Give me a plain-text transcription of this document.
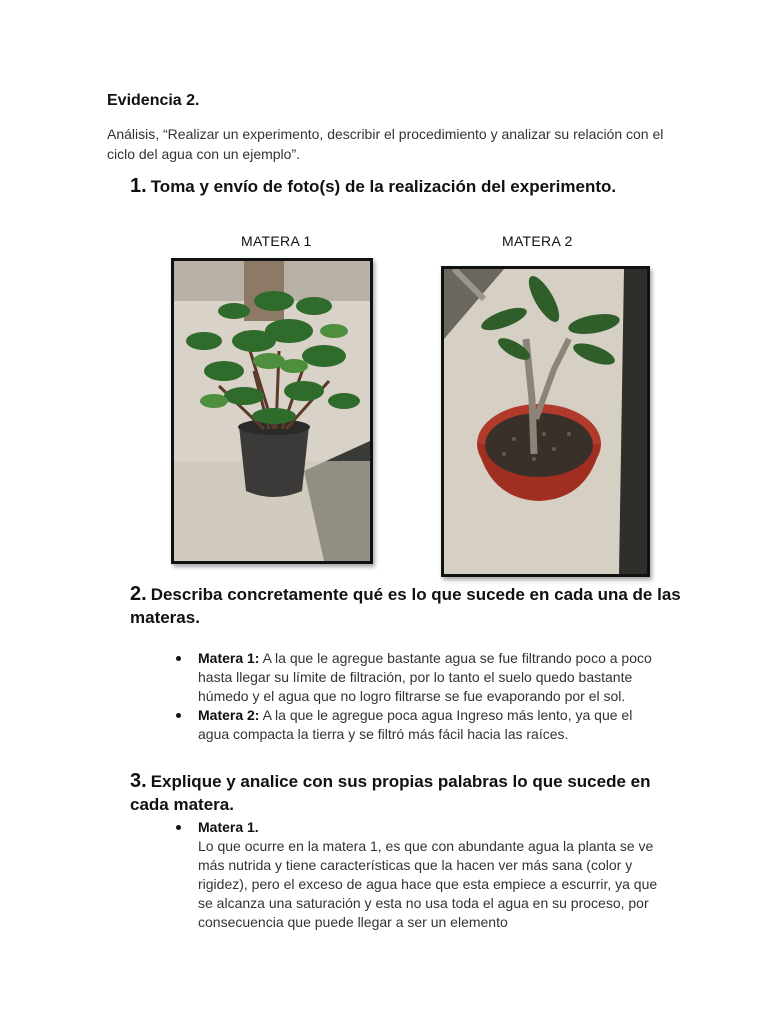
Evidencia 2.
Análisis, “Realizar un experimento, describir el procedimiento y analizar su relación con el ciclo del agua con un ejemplo”.
1. Toma y envío de foto(s) de la realización del experimento.
MATERA 1	MATERA 2
2. Describa concretamente qué es lo que sucede en cada una de las materas.
Matera 1: A la que le agregue bastante agua se fue filtrando poco a poco hasta llegar su límite de filtración, por lo tanto el suelo quedo bastante húmedo y el agua que no logro filtrarse se fue evaporando por el sol.
Matera 2: A la que le agregue poca agua Ingreso más lento, ya que el agua compacta la tierra y se filtró más fácil hacia las raíces.
3. Explique y analice con sus propias palabras lo que sucede en cada matera.
Matera 1.
Lo que ocurre en la matera 1, es que con abundante agua la planta se ve más nutrida y tiene características que la hacen ver más sana (color y rigidez), pero el exceso de agua hace que esta empiece a escurrir, ya que se alcanza una saturación y esta no usa toda el agua en su proceso, por consecuencia que puede llegar a ser un elemento
